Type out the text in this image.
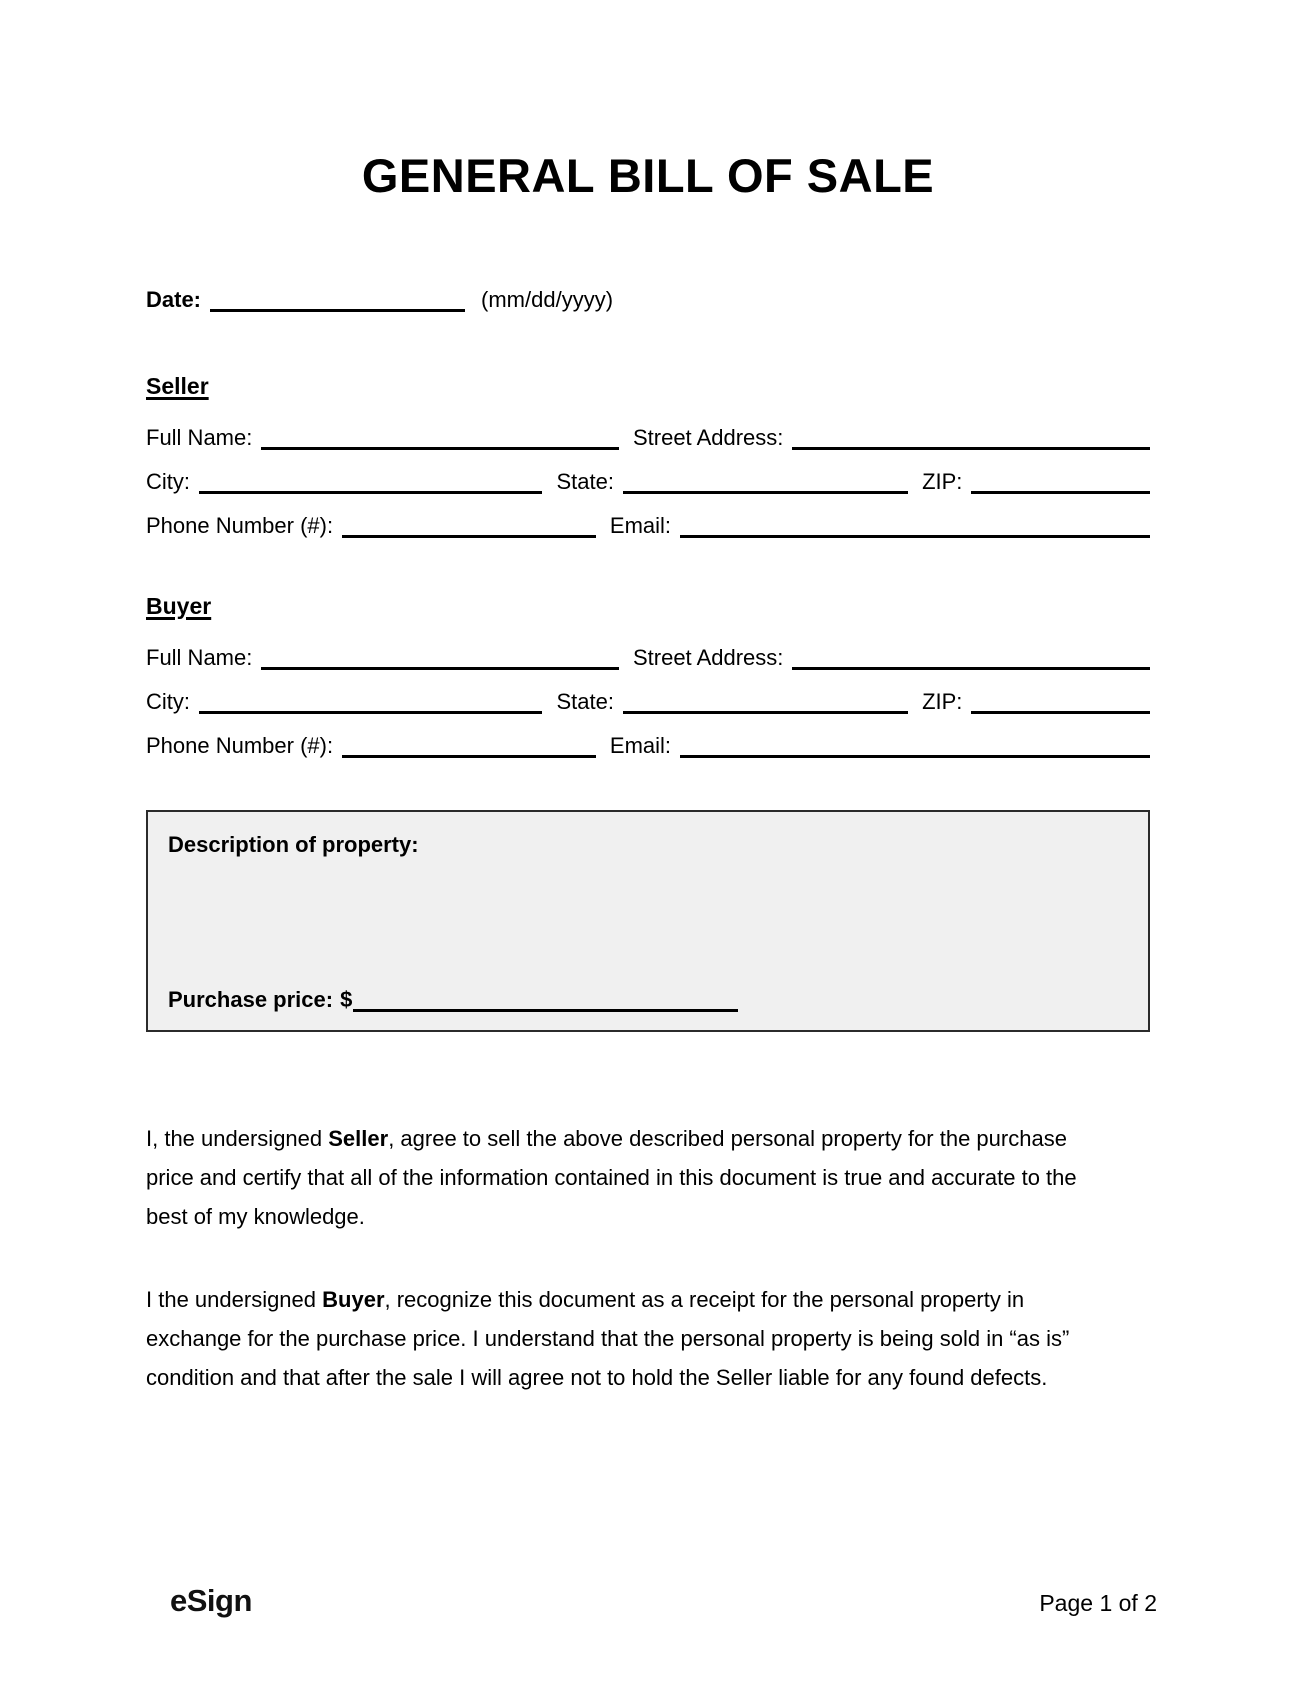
GENERAL BILL OF SALE
Date:	(mm/dd/yyyy)
Seller
Full Name:	Street Address:
City:	State:	ZIP:
Phone Number (#):	Email:
Buyer
Full Name:	Street Address:
City:	State:	ZIP:
Phone Number (#):	Email:
Description of property:
Purchase price: $

I, the undersigned Seller, agree to sell the above described personal property for the purchase price and certify that all of the information contained in this document is true and accurate to the best of my knowledge.

I the undersigned Buyer, recognize this document as a receipt for the personal property in exchange for the purchase price. I understand that the personal property is being sold in “as is” condition and that after the sale I will agree not to hold the Seller liable for any found defects.

eSign	Page 1 of 2
